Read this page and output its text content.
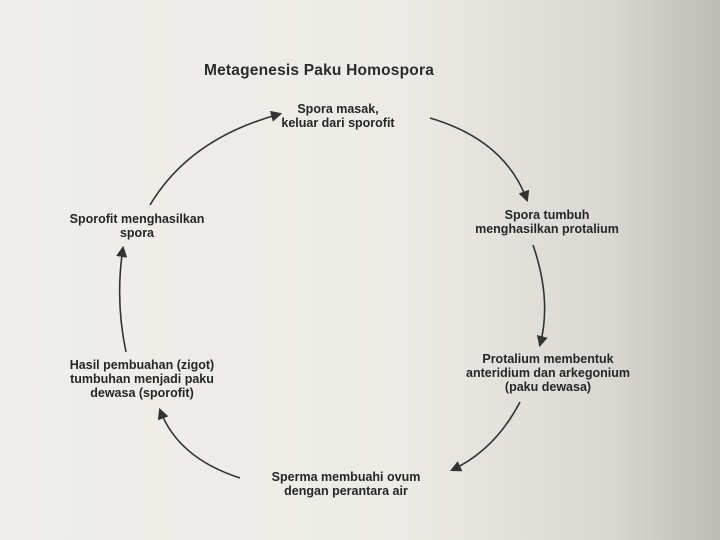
Metagenesis Paku Homospora
Spora masak,
keluar dari sporofit
Spora tumbuh
menghasilkan protalium
Protalium membentuk
anteridium dan arkegonium
(paku dewasa)
Sperma membuahi ovum
dengan perantara air
Hasil pembuahan (zigot)
tumbuhan menjadi paku
dewasa (sporofit)
Sporofit menghasilkan
spora
